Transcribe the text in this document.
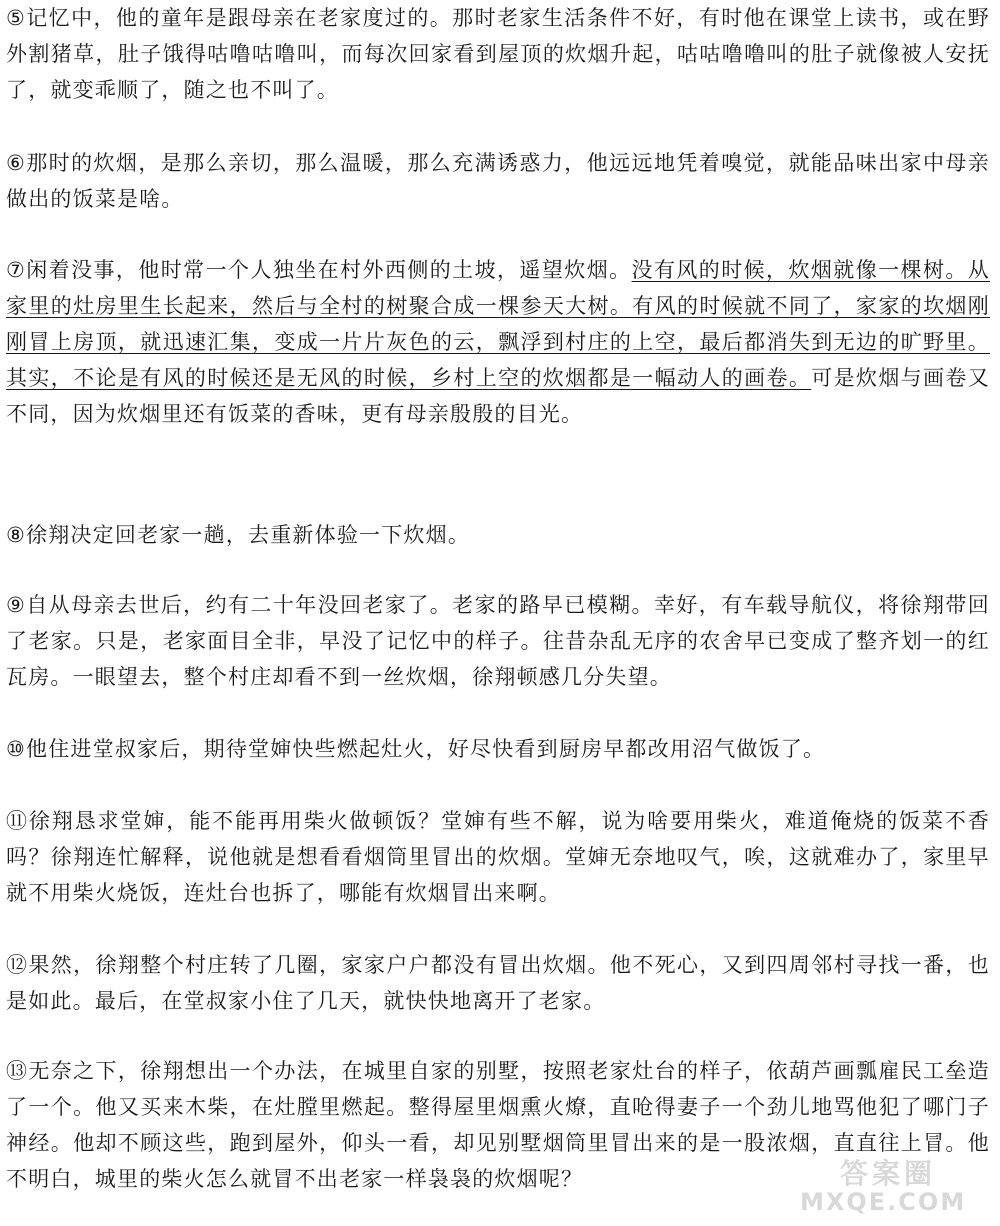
⑤记忆中，他的童年是跟母亲在老家度过的。那时老家生活条件不好，有时他在课堂上读书，或在野外割猪草，肚子饿得咕噜咕噜叫，而每次回家看到屋顶的炊烟升起，咕咕噜噜叫的肚子就像被人安抚了，就变乖顺了，随之也不叫了。

⑥那时的炊烟，是那么亲切，那么温暖，那么充满诱惑力，他远远地凭着嗅觉，就能品味出家中母亲做出的饭菜是啥。

⑦闲着没事，他时常一个人独坐在村外西侧的土坡，遥望炊烟。没有风的时候，炊烟就像一棵树。从家里的灶房里生长起来，然后与全村的树聚合成一棵参天大树。有风的时候就不同了，家家的坎烟刚刚冒上房顶，就迅速汇集，变成一片片灰色的云，飘浮到村庄的上空，最后都消失到无边的旷野里。其实，不论是有风的时候还是无风的时候，乡村上空的炊烟都是一幅动人的画卷。可是炊烟与画卷又不同，因为炊烟里还有饭菜的香味，更有母亲殷殷的目光。

⑧徐翔决定回老家一趟，去重新体验一下炊烟。

⑨自从母亲去世后，约有二十年没回老家了。老家的路早已模糊。幸好，有车载导航仪，将徐翔带回了老家。只是，老家面目全非，早没了记忆中的样子。往昔杂乱无序的农舍早已变成了整齐划一的红瓦房。一眼望去，整个村庄却看不到一丝炊烟，徐翔顿感几分失望。

⑩他住进堂叔家后，期待堂婶快些燃起灶火，好尽快看到厨房早都改用沼气做饭了。

⑪徐翔恳求堂婶，能不能再用柴火做顿饭？堂婶有些不解，说为啥要用柴火，难道俺烧的饭菜不香吗？徐翔连忙解释，说他就是想看看烟筒里冒出的炊烟。堂婶无奈地叹气，唉，这就难办了，家里早就不用柴火烧饭，连灶台也拆了，哪能有炊烟冒出来啊。

⑫果然，徐翔整个村庄转了几圈，家家户户都没有冒出炊烟。他不死心，又到四周邻村寻找一番，也是如此。最后，在堂叔家小住了几天，就快快地离开了老家。

⑬无奈之下，徐翔想出一个办法，在城里自家的别墅，按照老家灶台的样子，依葫芦画瓢雇民工垒造了一个。他又买来木柴，在灶膛里燃起。整得屋里烟熏火燎，直呛得妻子一个劲儿地骂他犯了哪门子神经。他却不顾这些，跑到屋外，仰头一看，却见别墅烟筒里冒出来的是一股浓烟，直直往上冒。他不明白，城里的柴火怎么就冒不出老家一样袅袅的炊烟呢？	答案圈
MXQE.COM
